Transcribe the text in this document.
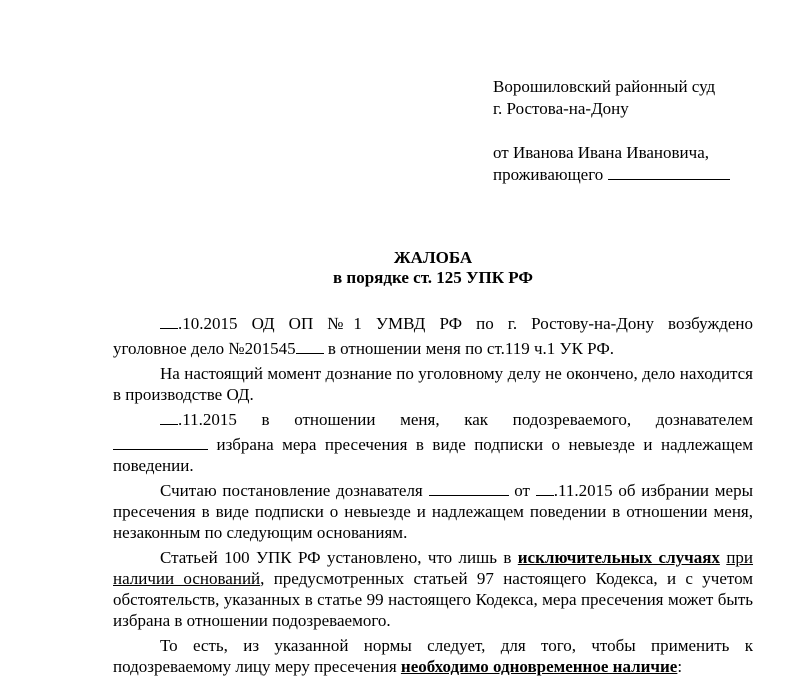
Ворошиловский районный суд
г. Ростова-на-Дону
от Иванова Ивана Ивановича,
проживающего
ЖАЛОБА
в порядке ст. 125 УПК РФ

.10.2015 ОД ОП №1 УМВД РФ по г. Ростову-на-Дону возбуждено

уголовное дело №201545 в отношении меня по ст.119 ч.1 УК РФ.

На настоящий момент дознание по уголовному делу не окончено, дело находится в производстве ОД.

.11.2015 в отношении меня, как подозреваемого, дознавателем

избрана мера пресечения в виде подписки о невыезде и надлежащем поведении.

Считаю постановление дознавателя	от .11.2015 об избрании меры пресечения в виде подписки о невыезде и надлежащем поведении в отношении меня, незаконным по следующим основаниям.

Статьей 100 УПК РФ установлено, что лишь в исключительных случаях при наличии оснований, предусмотренных статьей 97 настоящего Кодекса, и с учетом обстоятельств, указанных в статье 99 настоящего Кодекса, мера пресечения может быть избрана в отношении подозреваемого.

То есть, из указанной нормы следует, для того, чтобы применить к подозреваемому лицу меру пресечения необходимо одновременное наличие:
